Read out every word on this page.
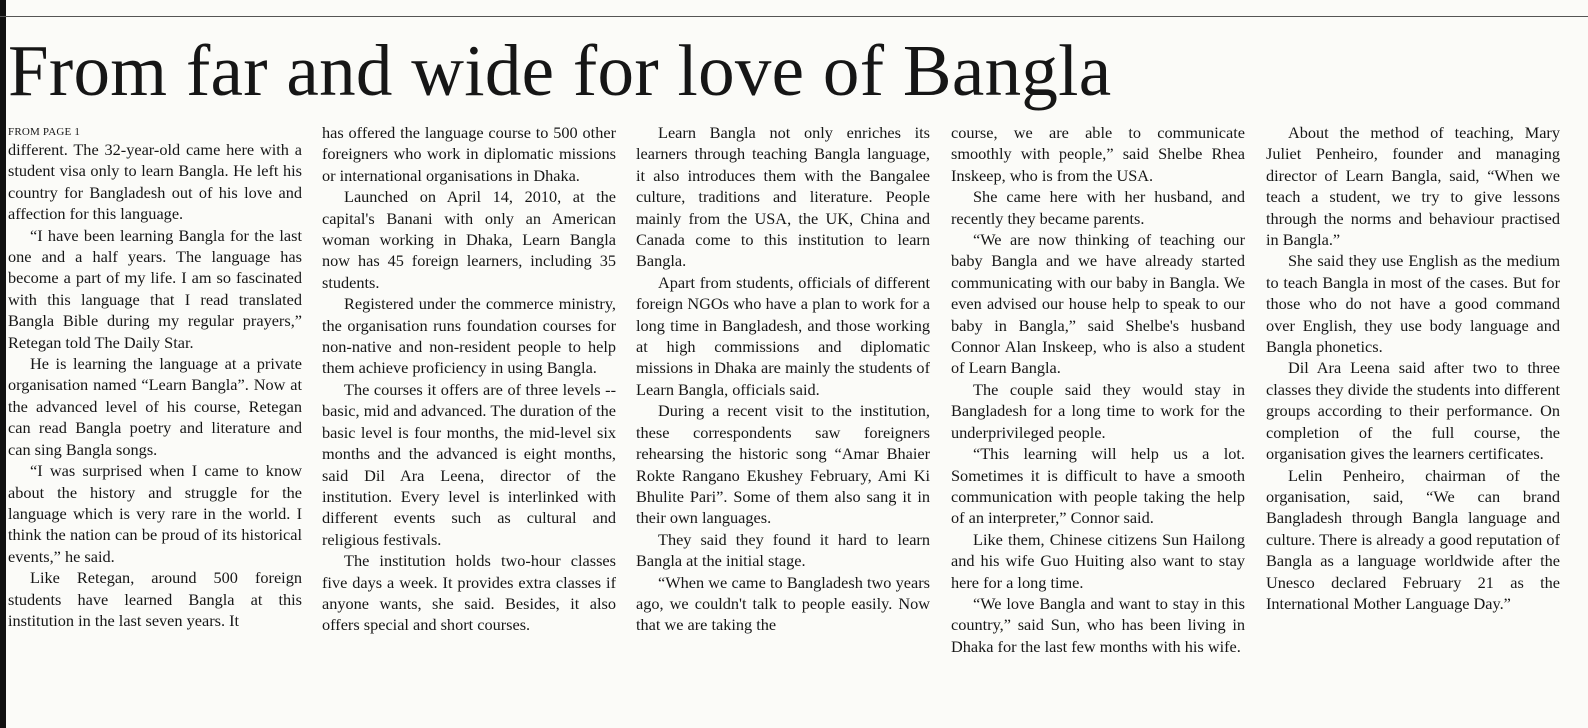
From far and wide for love of Bangla
FROM PAGE 1

different. The 32-year-old came here with a student visa only to learn Bangla. He left his country for Bangladesh out of his love and affection for this language.

“I have been learning Bangla for the last one and a half years. The language has become a part of my life. I am so fascinated with this language that I read translated Bangla Bible during my regular prayers,” Retegan told The Daily Star.

He is learning the language at a private organisation named “Learn Bangla”. Now at the advanced level of his course, Retegan can read Bangla poetry and literature and can sing Bangla songs.

“I was surprised when I came to know about the history and struggle for the language which is very rare in the world. I think the nation can be proud of its historical events,” he said.

Like Retegan, around 500 foreign students have learned Bangla at this institution in the last seven years. It

has offered the language course to 500 other foreigners who work in diplomatic missions or international organisations in Dhaka.

Launched on April 14, 2010, at the capital's Banani with only an American woman working in Dhaka, Learn Bangla now has 45 foreign learners, including 35 students.

Registered under the commerce ministry, the organisation runs foundation courses for non-native and non-resident people to help them achieve proficiency in using Bangla.

The courses it offers are of three levels -- basic, mid and advanced. The duration of the basic level is four months, the mid-level six months and the advanced is eight months, said Dil Ara Leena, director of the institution. Every level is interlinked with different events such as cultural and religious festivals.

The institution holds two-hour classes five days a week. It provides extra classes if anyone wants, she said. Besides, it also offers special and short courses.

Learn Bangla not only enriches its learners through teaching Bangla language, it also introduces them with the Bangalee culture, traditions and literature. People mainly from the USA, the UK, China and Canada come to this institution to learn Bangla.

Apart from students, officials of different foreign NGOs who have a plan to work for a long time in Bangladesh, and those working at high commissions and diplomatic missions in Dhaka are mainly the students of Learn Bangla, officials said.

During a recent visit to the institution, these correspondents saw foreigners rehearsing the historic song “Amar Bhaier Rokte Rangano Ekushey February, Ami Ki Bhulite Pari”. Some of them also sang it in their own languages.

They said they found it hard to learn Bangla at the initial stage.

“When we came to Bangladesh two years ago, we couldn't talk to people easily. Now that we are taking the

course, we are able to communicate smoothly with people,” said Shelbe Rhea Inskeep, who is from the USA.

She came here with her husband, and recently they became parents.

“We are now thinking of teaching our baby Bangla and we have already started communicating with our baby in Bangla. We even advised our house help to speak to our baby in Bangla,” said Shelbe's husband Connor Alan Inskeep, who is also a student of Learn Bangla.

The couple said they would stay in Bangladesh for a long time to work for the underprivileged people.

“This learning will help us a lot. Sometimes it is difficult to have a smooth communication with people taking the help of an interpreter,” Connor said.

Like them, Chinese citizens Sun Hailong and his wife Guo Huiting also want to stay here for a long time.

“We love Bangla and want to stay in this country,” said Sun, who has been living in Dhaka for the last few months with his wife.

About the method of teaching, Mary Juliet Penheiro, founder and managing director of Learn Bangla, said, “When we teach a student, we try to give lessons through the norms and behaviour practised in Bangla.”

She said they use English as the medium to teach Bangla in most of the cases. But for those who do not have a good command over English, they use body language and Bangla phonetics.

Dil Ara Leena said after two to three classes they divide the students into different groups according to their performance. On completion of the full course, the organisation gives the learners certificates.

Lelin Penheiro, chairman of the organisation, said, “We can brand Bangladesh through Bangla language and culture. There is already a good reputation of Bangla as a language worldwide after the Unesco declared February 21 as the International Mother Language Day.”
